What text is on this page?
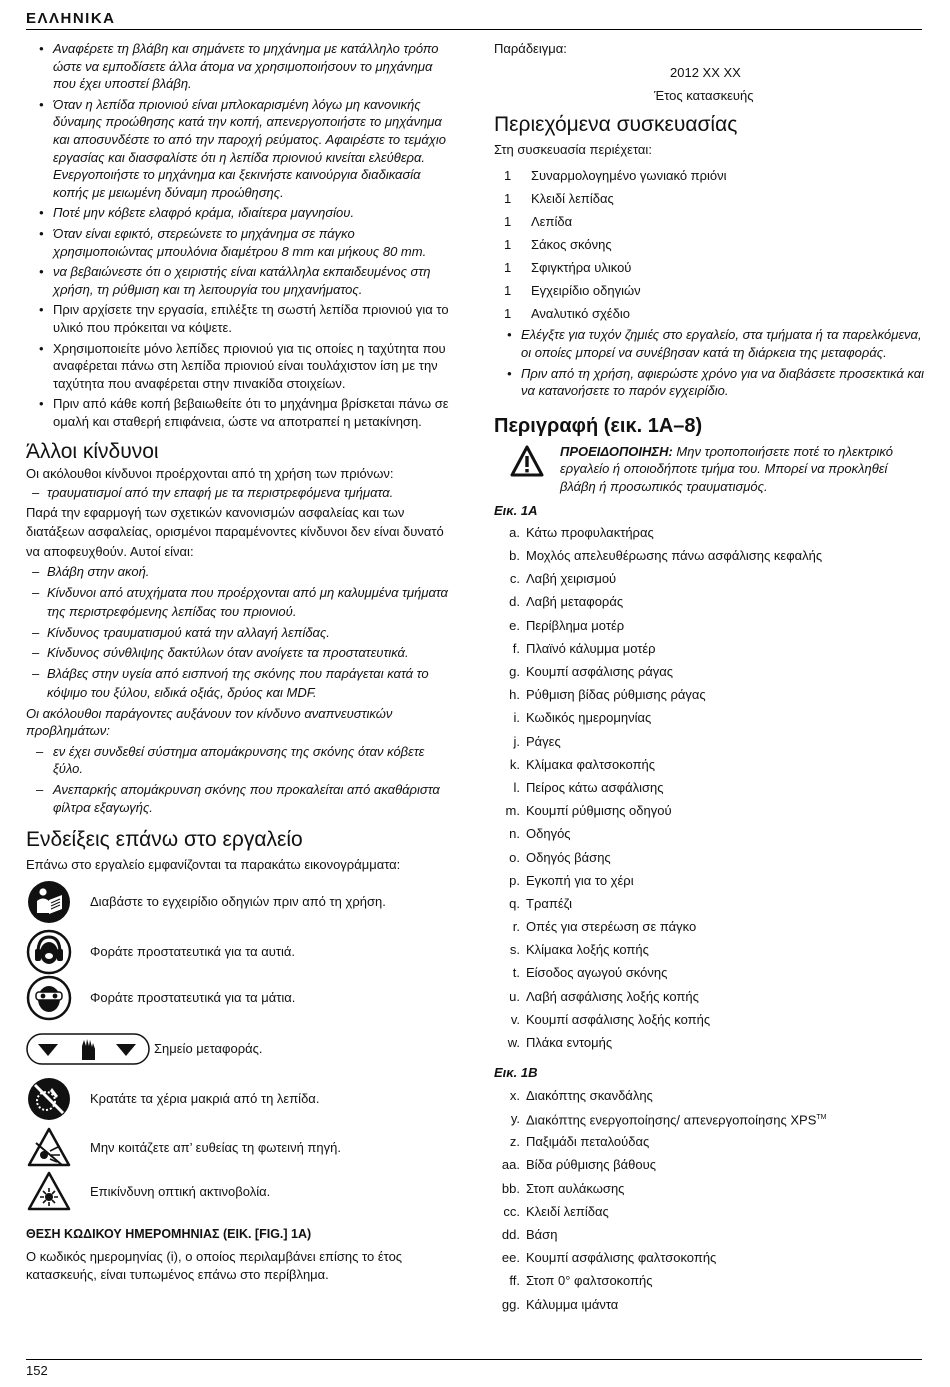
ΕΛΛΗΝΙΚΑ
• Αναφέρετε τη βλάβη και σημάνετε το μηχάνημα με κατάλληλο τρόπο ώστε να εμποδίσετε άλλα άτομα να χρησιμοποιήσουν το μηχάνημα που έχει υποστεί βλάβη.
• Όταν η λεπίδα πριονιού είναι μπλοκαρισμένη λόγω μη κανονικής δύναμης προώθησης κατά την κοπή, απενεργοποιήστε το μηχάνημα και αποσυνδέστε το από την παροχή ρεύματος. Αφαιρέστε το τεμάχιο εργασίας και διασφαλίστε ότι η λεπίδα πριονιού κινείται ελεύθερα. Ενεργοποιήστε το μηχάνημα και ξεκινήστε καινούργια διαδικασία κοπής με μειωμένη δύναμη προώθησης.
• Ποτέ μην κόβετε ελαφρό κράμα, ιδιαίτερα μαγνησίου.
• Όταν είναι εφικτό, στερεώνετε το μηχάνημα σε πάγκο χρησιμοποιώντας μπουλόνια διαμέτρου 8 mm και μήκους 80 mm.
• να βεβαιώνεστε ότι ο χειριστής είναι κατάλληλα εκπαιδευμένος στη χρήση, τη ρύθμιση και τη λειτουργία του μηχανήματος.
• Πριν αρχίσετε την εργασία, επιλέξτε τη σωστή λεπίδα πριονιού για το υλικό που πρόκειται να κόψετε.
• Χρησιμοποιείτε μόνο λεπίδες πριονιού για τις οποίες η ταχύτητα που αναφέρεται πάνω στη λεπίδα πριονιού είναι τουλάχιστον ίση με την ταχύτητα που αναφέρεται στην πινακίδα στοιχείων.
• Πριν από κάθε κοπή βεβαιωθείτε ότι το μηχάνημα βρίσκεται πάνω σε ομαλή και σταθερή επιφάνεια, ώστε να αποτραπεί η μετακίνηση.
Άλλοι κίνδυνοι

Οι ακόλουθοι κίνδυνοι προέρχονται από τη χρήση των πριόνων:

– τραυματισμοί από την επαφή με τα περιστρεφόμενα τμήματα.

Παρά την εφαρμογή των σχετικών κανονισμών ασφαλείας και των διατάξεων ασφαλείας, ορισμένοι παραμένοντες κίνδυνοι δεν είναι δυνατό να αποφευχθούν. Αυτοί είναι:

– Βλάβη στην ακοή.
– Κίνδυνοι από ατυχήματα που προέρχονται από μη καλυμμένα τμήματα της περιστρεφόμενης λεπίδας του πριονιού.
– Κίνδυνος τραυματισμού κατά την αλλαγή λεπίδας.
– Κίνδυνος σύνθλιψης δακτύλων όταν ανοίγετε τα προστατευτικά.
– Βλάβες στην υγεία από εισπνοή της σκόνης που παράγεται κατά το κόψιμο του ξύλου, ειδικά οξιάς, δρύος και MDF.

Οι ακόλουθοι παράγοντες αυξάνουν τον κίνδυνο αναπνευστικών προβλημάτων:

– εν έχει συνδεθεί σύστημα απομάκρυνσης της σκόνης όταν κόβετε ξύλο.
– Ανεπαρκής απομάκρυνση σκόνης που προκαλείται από ακαθάριστα φίλτρα εξαγωγής.
Ενδείξεις επάνω στο εργαλείο

Επάνω στο εργαλείο εμφανίζονται τα παρακάτω εικονογράμματα:

Διαβάστε το εγχειρίδιο οδηγιών πριν από τη χρήση.
Φοράτε προστατευτικά για τα αυτιά.
Φοράτε προστατευτικά για τα μάτια.
Σημείο μεταφοράς.
Κρατάτε τα χέρια μακριά από τη λεπίδα.
Μην κοιτάζετε απ’ ευθείας τη φωτεινή πηγή.
Επικίνδυνη οπτική ακτινοβολία.
ΘΕΣΗ ΚΩΔΙΚΟΥ ΗΜΕΡΟΜΗΝΙΑΣ (ΕΙΚ. [FIG.] 1A)

Ο κωδικός ημερομηνίας (i), ο οποίος περιλαμβάνει επίσης το έτος κατασκευής, είναι τυπωμένος επάνω στο περίβλημα.

Παράδειγμα:

2012 XX XX

Έτος κατασκευής

Περιεχόμενα συσκευασίας

Στη συσκευασία περιέχεται:

1	Συναρμολογημένο γωνιακό πριόνι
1	Κλειδί λεπίδας
1	Λεπίδα
1	Σάκος σκόνης
1	Σφιγκτήρα υλικού
1	Εγχειρίδιο οδηγιών
1	Αναλυτικό σχέδιο
• Ελέγξτε για τυχόν ζημιές στο εργαλείο, στα τμήματα ή τα παρελκόμενα, οι οποίες μπορεί να συνέβησαν κατά τη διάρκεια της μεταφοράς.
• Πριν από τη χρήση, αφιερώστε χρόνο για να διαβάσετε προσεκτικά και να κατανοήσετε το παρόν εγχειρίδιο.
Περιγραφή (εικ. 1A–8)

ΠΡΟΕΙΔΟΠΟΙΗΣΗ: Μην τροποποιήσετε ποτέ το ηλεκτρικό εργαλείο ή οποιοδήποτε τμήμα του. Μπορεί να προκληθεί βλάβη ή προσωπικός τραυματισμός.

Εικ. 1A

a. Κάτω προφυλακτήρας
b. Μοχλός απελευθέρωσης πάνω ασφάλισης κεφαλής
c. Λαβή χειρισμού
d. Λαβή μεταφοράς
e. Περίβλημα μοτέρ
f. Πλαϊνό κάλυμμα μοτέρ
g. Κουμπί ασφάλισης ράγας
h. Ρύθμιση βίδας ρύθμισης ράγας
i. Κωδικός ημερομηνίας
j. Ράγες
k. Κλίμακα φαλτσοκοπής
l. Πείρος κάτω ασφάλισης
m. Κουμπί ρύθμισης οδηγού
n. Οδηγός
o. Οδηγός βάσης
p. Εγκοπή για το χέρι
q. Τραπέζι
r. Οπές για στερέωση σε πάγκο
s. Κλίμακα λοξής κοπής
t. Είσοδος αγωγού σκόνης
u. Λαβή ασφάλισης λοξής κοπής
v. Κουμπί ασφάλισης λοξής κοπής
w. Πλάκα εντομής

Εικ. 1B

x. Διακόπτης σκανδάλης
y. Διακόπτης ενεργοποίησης/ απενεργοποίησης XPS™
z. Παξιμάδι πεταλούδας
aa. Βίδα ρύθμισης βάθους
bb. Στοπ αυλάκωσης
cc. Κλειδί λεπίδας
dd. Βάση
ee. Κουμπί ασφάλισης φαλτσοκοπής
ff. Στοπ 0° φαλτσοκοπής
gg. Κάλυμμα ιμάντα
152
